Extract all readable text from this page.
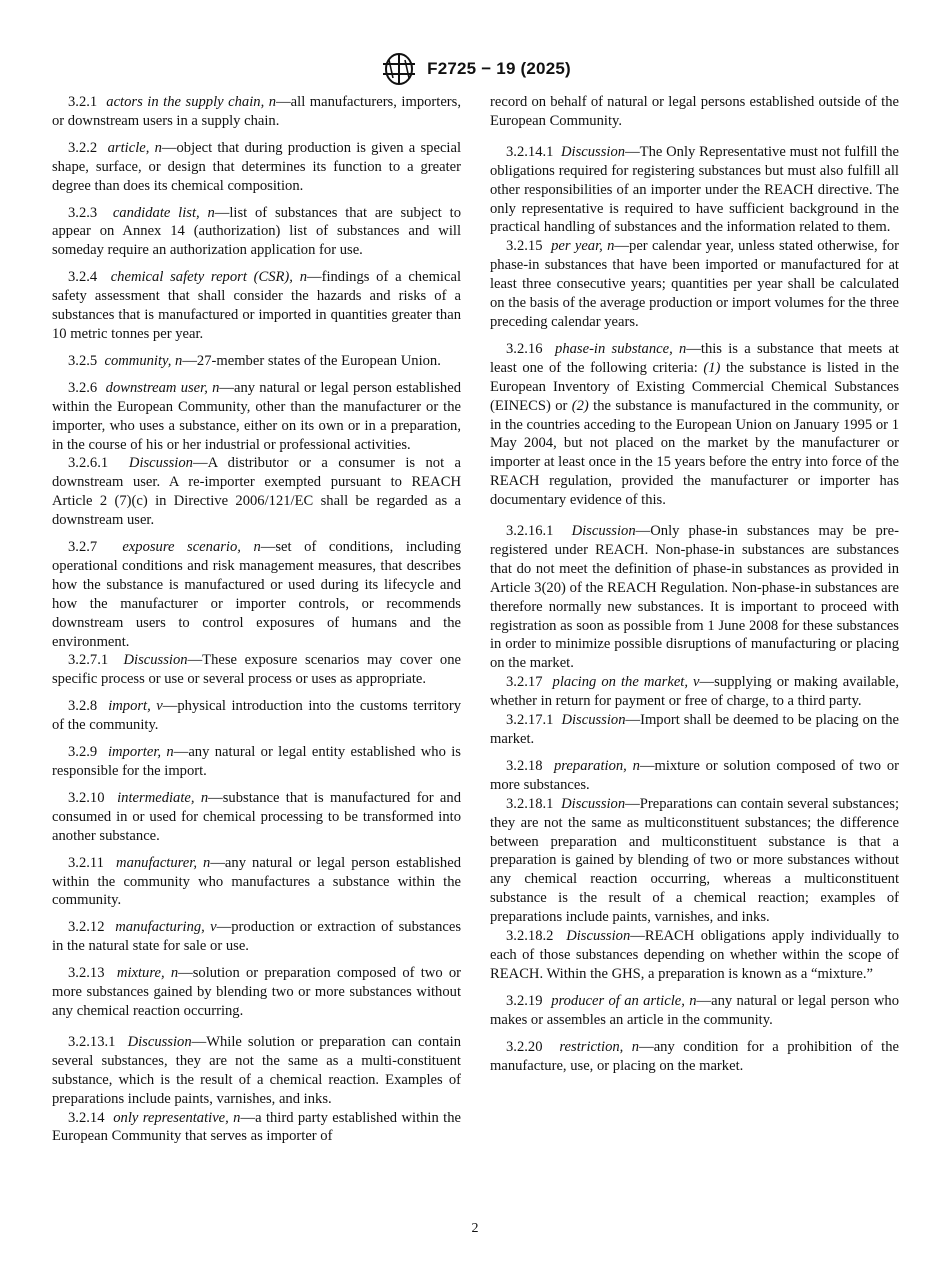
F2725 − 19 (2025)

3.2.1 actors in the supply chain, n—all manufacturers, importers, or downstream users in a supply chain.

3.2.2 article, n—object that during production is given a special shape, surface, or design that determines its function to a greater degree than does its chemical composition.

3.2.3 candidate list, n—list of substances that are subject to appear on Annex 14 (authorization) list of substances and will someday require an authorization application for use.

3.2.4 chemical safety report (CSR), n—findings of a chemical safety assessment that shall consider the hazards and risks of a substances that is manufactured or imported in quantities greater than 10 metric tonnes per year.

3.2.5 community, n—27-member states of the European Union.

3.2.6 downstream user, n—any natural or legal person established within the European Community, other than the manufacturer or the importer, who uses a substance, either on its own or in a preparation, in the course of his or her industrial or professional activities.

3.2.6.1 Discussion—A distributor or a consumer is not a downstream user. A re-importer exempted pursuant to REACH Article 2 (7)(c) in Directive 2006/121/EC shall be regarded as a downstream user.

3.2.7 exposure scenario, n—set of conditions, including operational conditions and risk management measures, that describes how the substance is manufactured or used during its lifecycle and how the manufacturer or importer controls, or recommends downstream users to control exposures of humans and the environment.

3.2.7.1 Discussion—These exposure scenarios may cover one specific process or use or several process or uses as appropriate.

3.2.8 import, v—physical introduction into the customs territory of the community.

3.2.9 importer, n—any natural or legal entity established who is responsible for the import.

3.2.10 intermediate, n—substance that is manufactured for and consumed in or used for chemical processing to be transformed into another substance.

3.2.11 manufacturer, n—any natural or legal person established within the community who manufactures a substance within the community.

3.2.12 manufacturing, v—production or extraction of substances in the natural state for sale or use.

3.2.13 mixture, n—solution or preparation composed of two or more substances gained by blending two or more substances without any chemical reaction occurring.

3.2.13.1 Discussion—While solution or preparation can contain several substances, they are not the same as a multi-constituent substance, which is the result of a chemical reaction. Examples of preparations include paints, varnishes, and inks.

3.2.14 only representative, n—a third party established within the European Community that serves as importer of

record on behalf of natural or legal persons established outside of the European Community.

3.2.14.1 Discussion—The Only Representative must not fulfill the obligations required for registering substances but must also fulfill all other responsibilities of an importer under the REACH directive. The only representative is required to have sufficient background in the practical handling of substances and the information related to them.

3.2.15 per year, n—per calendar year, unless stated otherwise, for phase-in substances that have been imported or manufactured for at least three consecutive years; quantities per year shall be calculated on the basis of the average production or import volumes for the three preceding calendar years.

3.2.16 phase-in substance, n—this is a substance that meets at least one of the following criteria: (1) the substance is listed in the European Inventory of Existing Commercial Chemical Substances (EINECS) or (2) the substance is manufactured in the community, or in the countries acceding to the European Union on January 1995 or 1 May 2004, but not placed on the market by the manufacturer or importer at least once in the 15 years before the entry into force of the REACH regulation, provided the manufacturer or importer has documentary evidence of this.

3.2.16.1 Discussion—Only phase-in substances may be pre-registered under REACH. Non-phase-in substances are substances that do not meet the definition of phase-in substances as provided in Article 3(20) of the REACH Regulation. Non-phase-in substances are therefore normally new substances. It is important to proceed with registration as soon as possible from 1 June 2008 for these substances in order to minimize possible disruptions of manufacturing or placing on the market.

3.2.17 placing on the market, v—supplying or making available, whether in return for payment or free of charge, to a third party.

3.2.17.1 Discussion—Import shall be deemed to be placing on the market.

3.2.18 preparation, n—mixture or solution composed of two or more substances.

3.2.18.1 Discussion—Preparations can contain several substances; they are not the same as multiconstituent substances; the difference between preparation and multiconstituent substance is that a preparation is gained by blending of two or more substances without any chemical reaction occurring, whereas a multiconstituent substance is the result of a chemical reaction; examples of preparations include paints, varnishes, and inks.

3.2.18.2 Discussion—REACH obligations apply individually to each of those substances depending on whether within the scope of REACH. Within the GHS, a preparation is known as a “mixture.”

3.2.19 producer of an article, n—any natural or legal person who makes or assembles an article in the community.

3.2.20 restriction, n—any condition for a prohibition of the manufacture, use, or placing on the market.

2
